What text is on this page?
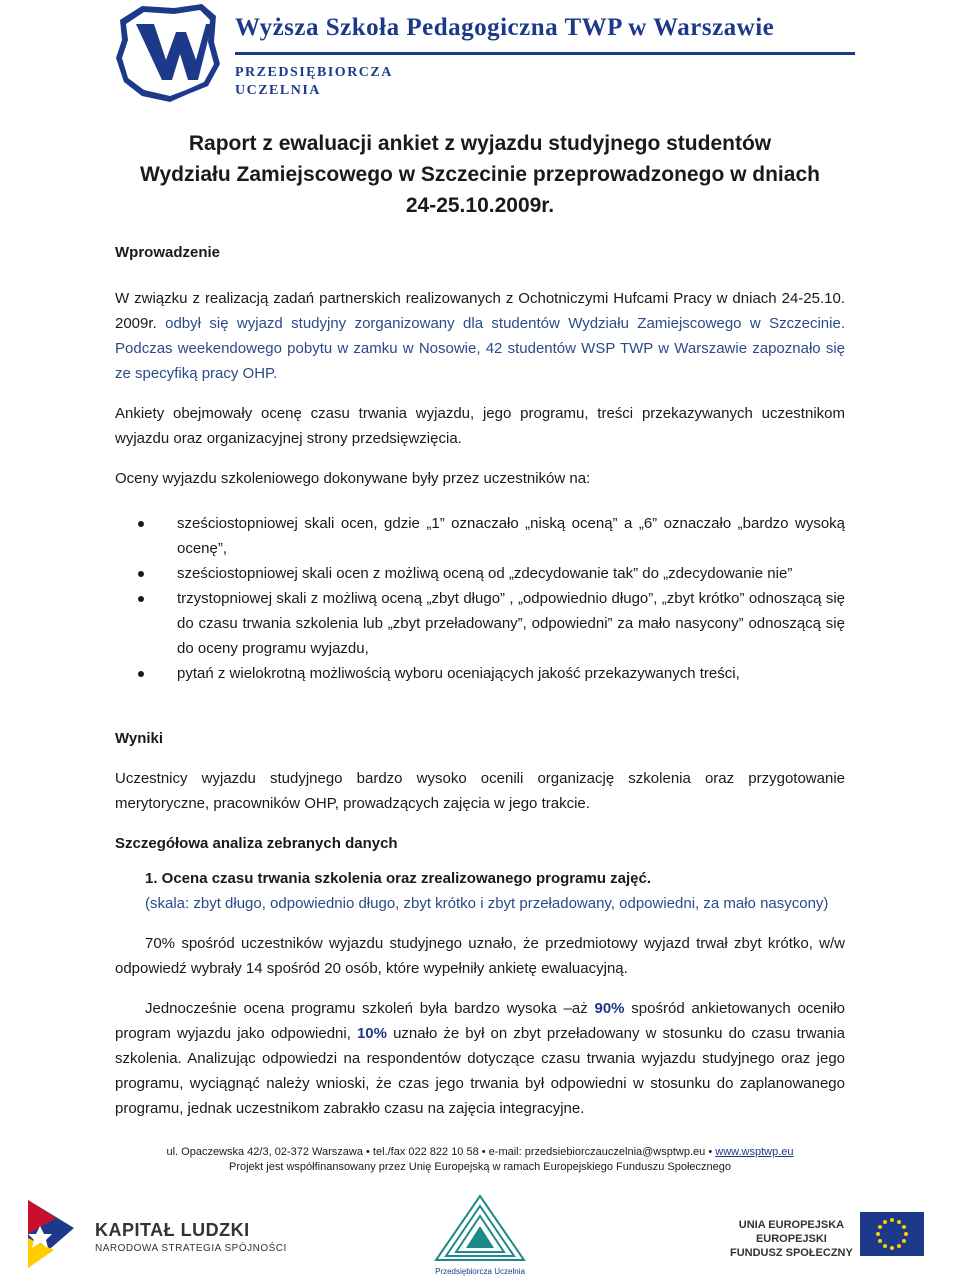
Wyższa Szkoła Pedagogiczna TWP w Warszawie
PRZEDSIĘBIORCZA
UCZELNIA
Raport z ewaluacji ankiet z wyjazdu studyjnego studentów
Wydziału Zamiejscowego w Szczecinie przeprowadzonego w dniach
24-25.10.2009r.

Wprowadzenie

W związku z realizacją zadań partnerskich realizowanych z Ochotniczymi Hufcami Pracy w dniach 24-25.10. 2009r. odbył się wyjazd studyjny zorganizowany dla studentów Wydziału Zamiejscowego w Szczecinie. Podczas weekendowego pobytu w zamku w Nosowie, 42 studentów WSP TWP w Warszawie zapoznało się ze specyfiką pracy OHP.

Ankiety obejmowały ocenę czasu trwania wyjazdu, jego programu, treści przekazywanych uczestnikom wyjazdu oraz organizacyjnej strony przedsięwzięcia.

Oceny wyjazdu szkoleniowego dokonywane były przez uczestników na:

sześciostopniowej skali ocen, gdzie „1” oznaczało „niską oceną” a „6” oznaczało „bardzo wysoką ocenę”,
sześciostopniowej skali ocen z możliwą oceną od „zdecydowanie tak” do „zdecydowanie nie”
trzystopniowej skali z możliwą oceną „zbyt długo” , „odpowiednio długo”, „zbyt krótko” odnoszącą się do czasu trwania szkolenia lub „zbyt przeładowany”, odpowiedni” za mało nasycony” odnoszącą się do oceny programu wyjazdu,
pytań z wielokrotną możliwością wyboru oceniających jakość przekazywanych treści,

Wyniki

Uczestnicy wyjazdu studyjnego bardzo wysoko ocenili organizację szkolenia oraz przygotowanie merytoryczne, pracowników OHP, prowadzących zajęcia w jego trakcie.

Szczegółowa analiza zebranych danych

1. Ocena czasu trwania szkolenia oraz zrealizowanego programu zajęć.

(skala: zbyt długo, odpowiednio długo, zbyt krótko i zbyt przeładowany, odpowiedni, za mało nasycony)

70% spośród uczestników wyjazdu studyjnego uznało, że przedmiotowy wyjazd trwał zbyt krótko, w/w odpowiedź wybrały 14 spośród 20 osób, które wypełniły ankietę ewaluacyjną.

Jednocześnie ocena programu szkoleń była bardzo wysoka –aż 90% spośród ankietowanych oceniło program wyjazdu jako odpowiedni, 10% uznało że był on zbyt przeładowany w stosunku do czasu trwania szkolenia. Analizując odpowiedzi na respondentów dotyczące czasu trwania wyjazdu studyjnego oraz jego programu, wyciągnąć należy wnioski, że czas jego trwania był odpowiedni w stosunku do zaplanowanego programu, jednak uczestnikom zabrakło czasu na zajęcia integracyjne.

ul. Opaczewska 42/3, 02-372 Warszawa • tel./fax 022 822 10 58 • e-mail: przedsiebiorczauczelnia@wsptwp.eu • www.wsptwp.eu
Projekt jest współfinansowany przez Unię Europejską w ramach Europejskiego Funduszu Społecznego
KAPITAŁ LUDZKI
NARODOWA STRATEGIA SPÓJNOŚCI
Przedsiębiorcza Uczelnia
UNIA EUROPEJSKA
EUROPEJSKI
FUNDUSZ SPOŁECZNY
